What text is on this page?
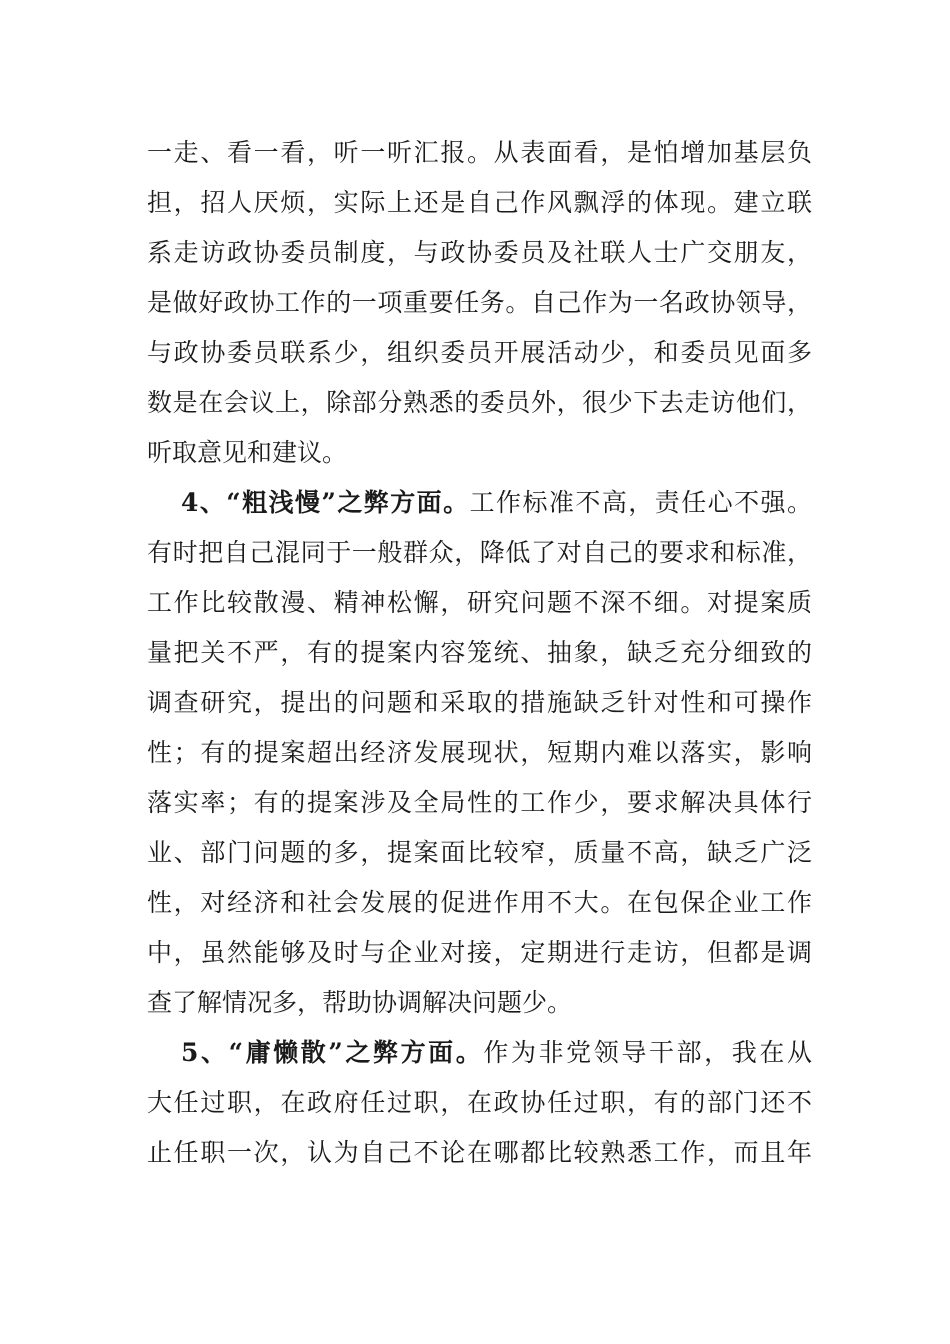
一走、看一看，听一听汇报。从表面看，是怕增加基层负
担，招人厌烦，实际上还是自己作风飘浮的体现。建立联
系走访政协委员制度，与政协委员及社联人士广交朋友，
是做好政协工作的一项重要任务。自己作为一名政协领导，
与政协委员联系少，组织委员开展活动少，和委员见面多
数是在会议上，除部分熟悉的委员外，很少下去走访他们，
听取意见和建议。
4、“粗浅慢”之弊方面。工作标准不高，责任心不强。
有时把自己混同于一般群众，降低了对自己的要求和标准，
工作比较散漫、精神松懈，研究问题不深不细。对提案质
量把关不严，有的提案内容笼统、抽象，缺乏充分细致的
调查研究，提出的问题和采取的措施缺乏针对性和可操作
性；有的提案超出经济发展现状，短期内难以落实，影响
落实率；有的提案涉及全局性的工作少，要求解决具体行
业、部门问题的多，提案面比较窄，质量不高，缺乏广泛
性，对经济和社会发展的促进作用不大。在包保企业工作
中，虽然能够及时与企业对接，定期进行走访，但都是调
查了解情况多，帮助协调解决问题少。
5、“庸懒散”之弊方面。作为非党领导干部，我在从
大任过职，在政府任过职，在政协任过职，有的部门还不
止任职一次，认为自己不论在哪都比较熟悉工作，而且年
